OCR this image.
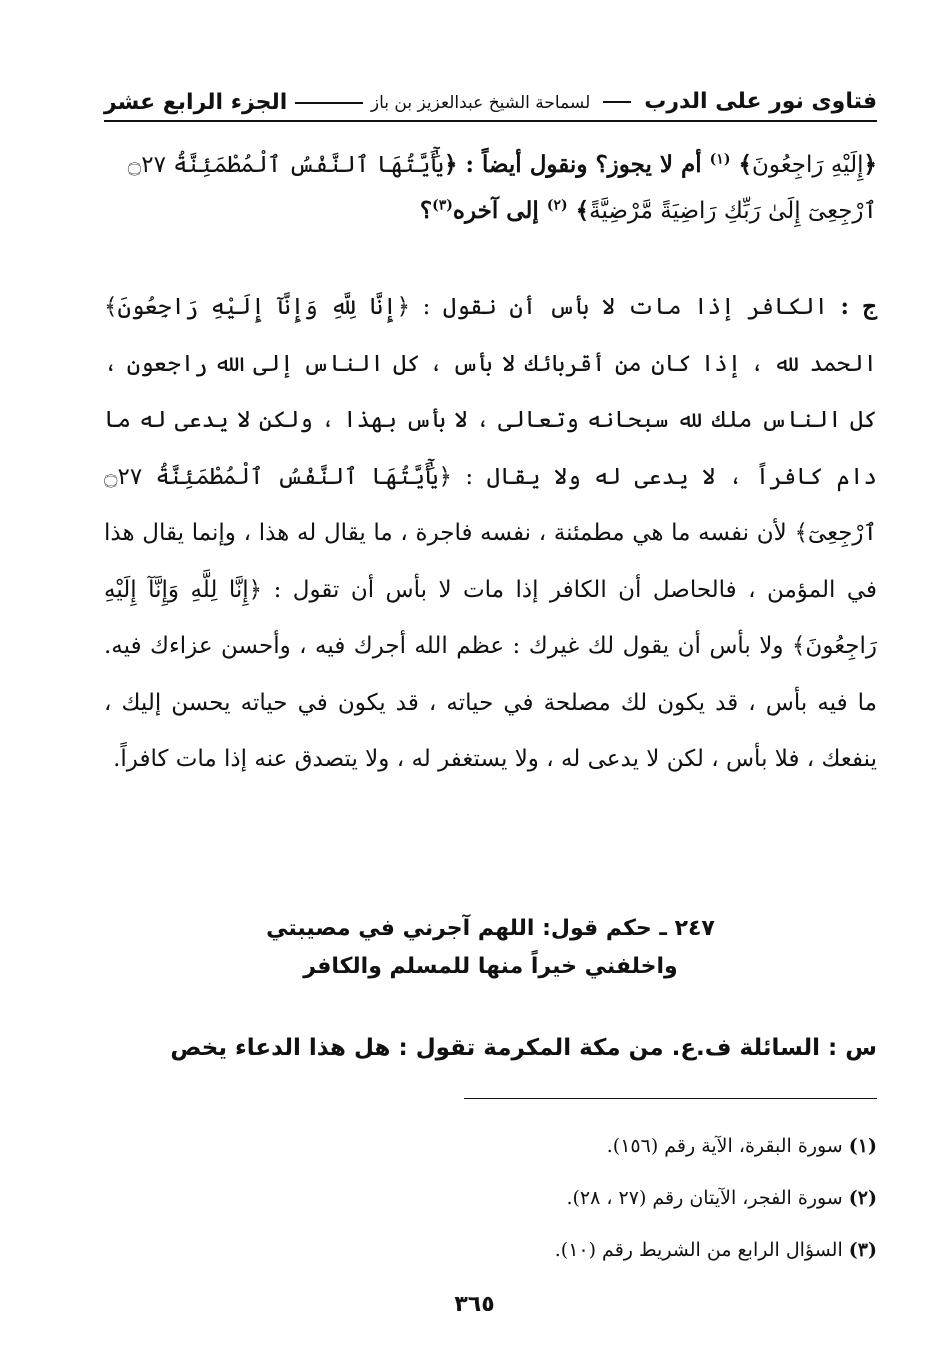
فتاوى نور على الدرب  لسماحة الشيخ عبدالعزيز بن باز
الجزء الرابع عشر
﴿إِلَيْهِ رَاجِعُونَ﴾ $^{(١)}$ أم لا يجوز؟ ونقول أيضاً : ﴿يَٰٓأَيَّتُهَا ٱلنَّفْسُ ٱلْمُطْمَئِنَّةُ ۝٢٧ ٱرْجِعِىٓ إِلَىٰ رَبِّكِ رَاضِيَةً مَّرْضِيَّةً﴾ $^{(٢)}$ إلى آخره$^{(٣)}$؟
ج : الكافر إذا مات لا بأس أن نقول : ﴿إِنَّا لِلَّهِ وَإِنَّآ إِلَيْهِ رَاجِعُونَ﴾ الحمد لله ، إذا كان من أقربائك لا بأس ، كل الناس إلى الله راجعون ، كل الناس ملك لله سبحانه وتعالى ، لا بأس بهذا ، ولكن لا يدعى له ما دام كافراً ، لا يدعى له ولا يقال : ﴿يَٰٓأَيَّتُهَا ٱلنَّفْسُ ٱلْمُطْمَئِنَّةُ ۝٢٧ ٱرْجِعِىٓ﴾ لأن نفسه ما هي مطمئنة ، نفسه فاجرة ، ما يقال له هذا ، وإنما يقال هذا في المؤمن ، فالحاصل أن الكافر إذا مات لا بأس أن تقول : ﴿إِنَّا لِلَّهِ وَإِنَّآ إِلَيْهِ رَاجِعُونَ﴾ ولا بأس أن يقول لك غيرك : عظم الله أجرك فيه ، وأحسن عزاءك فيه. ما فيه بأس ، قد يكون لك مصلحة في حياته ، قد يكون في حياته يحسن إليك ، ينفعك ، فلا بأس ، لكن لا يدعى له ، ولا يستغفر له ، ولا يتصدق عنه إذا مات كافراً.
٢٤٧ ـ حكم قول: اللهم آجرني في مصيبتي
واخلفني خيراً منها للمسلم والكافر
س : السائلة ف.ع. من مكة المكرمة تقول : هل هذا الدعاء يخص
(١) سورة البقرة، الآية رقم (١٥٦).
(٢) سورة الفجر، الآيتان رقم (٢٧ ، ٢٨).
(٣) السؤال الرابع من الشريط رقم (١٠).
٣٦٥
